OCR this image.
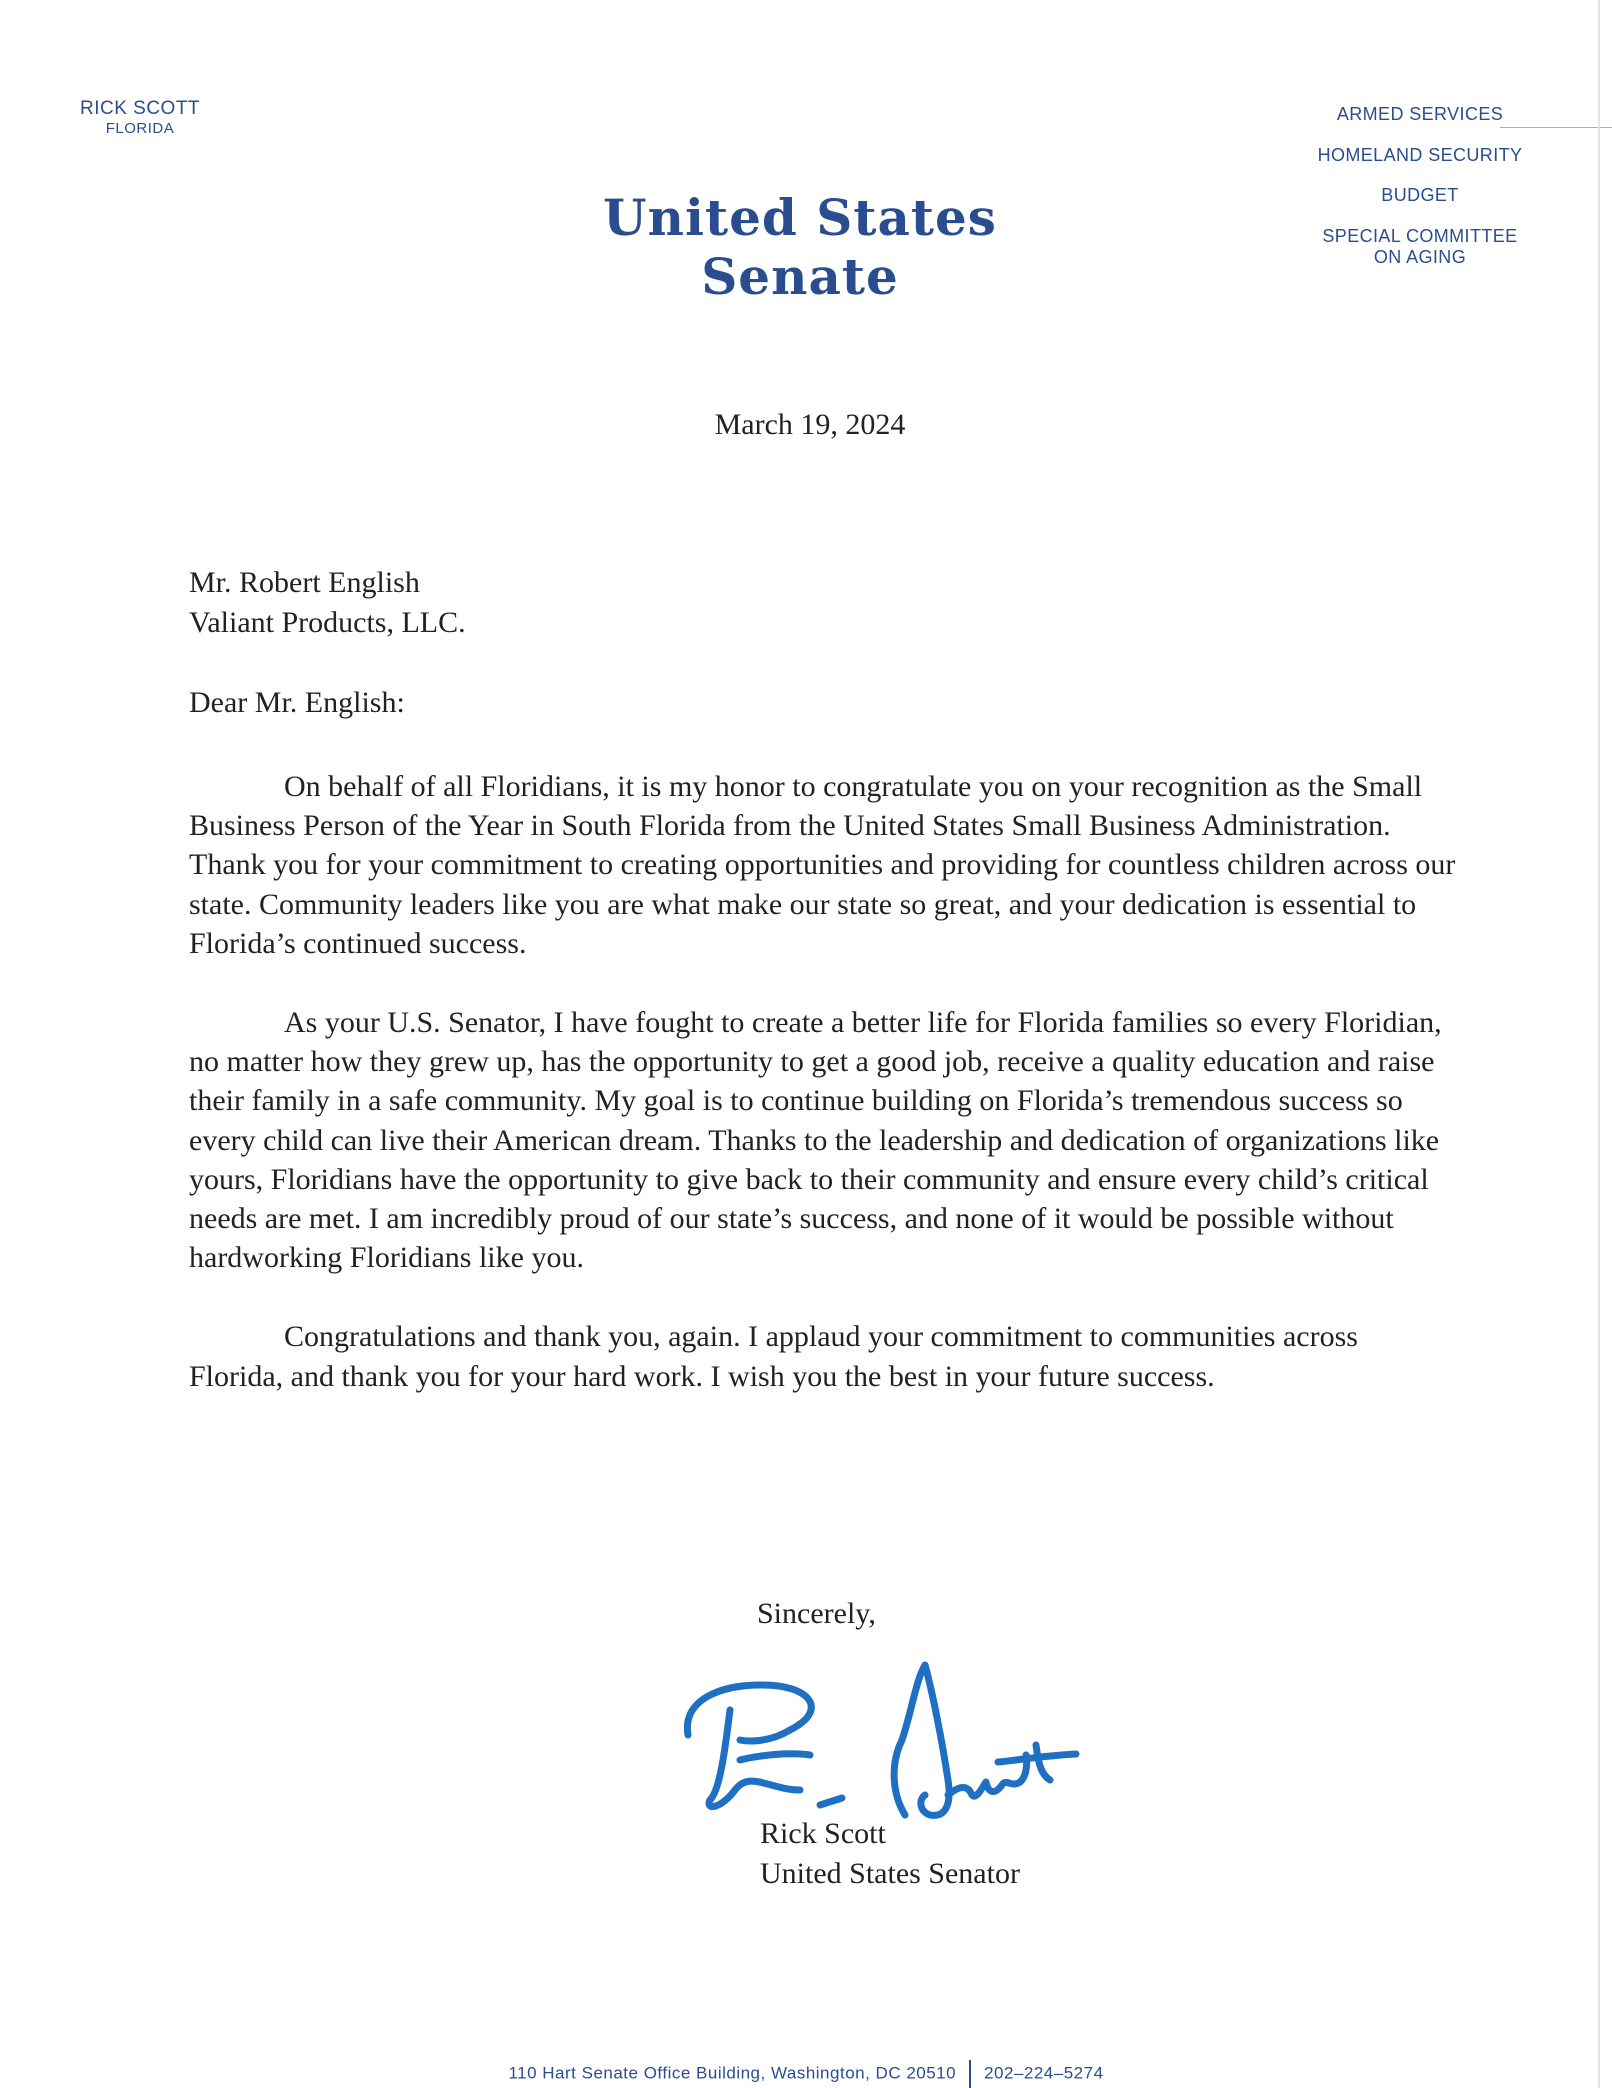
RICK SCOTT
FLORIDA
United States Senate
ARMED SERVICES
HOMELAND SECURITY
BUDGET
SPECIAL COMMITTEE
ON AGING
March 19, 2024
Mr. Robert English
Valiant Products, LLC.
Dear Mr. English:

On behalf of all Floridians, it is my honor to congratulate you on your recognition as the Small Business Person of the Year in South Florida from the United States Small Business Administration. Thank you for your commitment to creating opportunities and providing for countless children across our state. Community leaders like you are what make our state so great, and your dedication is essential to Florida’s continued success.

As your U.S. Senator, I have fought to create a better life for Florida families so every Floridian, no matter how they grew up, has the opportunity to get a good job, receive a quality education and raise their family in a safe community. My goal is to continue building on Florida’s tremendous success so every child can live their American dream. Thanks to the leadership and dedication of organizations like yours, Floridians have the opportunity to give back to their community and ensure every child’s critical needs are met. I am incredibly proud of our state’s success, and none of it would be possible without hardworking Floridians like you.

Congratulations and thank you, again. I applaud your commitment to communities across Florida, and thank you for your hard work. I wish you the best in your future success.

Sincerely,
Rick Scott
United States Senator
110 Hart Senate Office Building, Washington, DC 20510 202–224–5274
